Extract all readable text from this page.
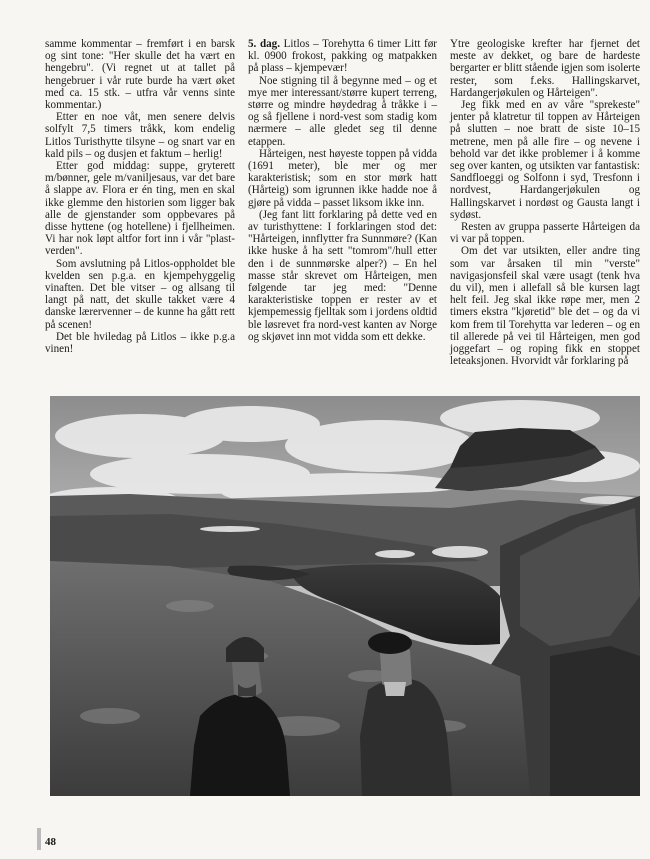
samme kommentar – fremført i en barsk og sint tone: "Her skulle det ha vært en hengebru". (Vi regnet ut at tallet på hengebruer i vår rute burde ha vært øket med ca. 15 stk. – utfra vår venns sinte kommentar.)

Etter en noe våt, men senere delvis solfylt 7,5 timers tråkk, kom endelig Litlos Turisthytte tilsyne – og snart var en kald pils – og dusjen et faktum – herlig!

Etter god middag: suppe, gryterett m/bønner, gele m/vaniljesaus, var det bare å slappe av. Flora er én ting, men en skal ikke glemme den historien som ligger bak alle de gjenstander som oppbevares på disse hyttene (og hotellene) i fjellheimen. Vi har nok løpt altfor fort inn i vår "plast-verden".

Som avslutning på Litlos-oppholdet ble kvelden sen p.g.a. en kjempehyggelig vinaften. Det ble vitser – og allsang til langt på natt, det skulle takket være 4 danske lærervenner – de kunne ha gått rett på scenen!

Det ble hviledag på Litlos – ikke p.g.a vinen!

5. dag. Litlos – Torehytta 6 timer Litt før kl. 0900 frokost, pakking og matpakken på plass – kjempevær!

Noe stigning til å begynne med – og et mye mer interessant/større kupert terreng, større og mindre høydedrag å tråkke i – og så fjellene i nord-vest som stadig kom nærmere – alle gledet seg til denne etappen.

Hårteigen, nest høyeste toppen på vidda (1691 meter), ble mer og mer karakteristisk; som en stor mørk hatt (Hårteig) som igrunnen ikke hadde noe å gjøre på vidda – passet liksom ikke inn.

(Jeg fant litt forklaring på dette ved en av turisthyttene: I forklaringen stod det: "Hårteigen, innflytter fra Sunnmøre? (Kan ikke huske å ha sett "tomrom"/hull etter den i de sunnmørske alper?) – En hel masse står skrevet om Hårteigen, men følgende tar jeg med: "Denne karakteristiske toppen er rester av et kjempemessig fjelltak som i jordens oldtid ble løsrevet fra nord-vest kanten av Norge og skjøvet inn mot vidda som ett dekke.

Ytre geologiske krefter har fjernet det meste av dekket, og bare de hardeste bergarter er blitt stående igjen som isolerte rester, som f.eks. Hallingskarvet, Hardangerjøkulen og Hårteigen".

Jeg fikk med en av våre "sprekeste" jenter på klatretur til toppen av Hårteigen på slutten – noe bratt de siste 10–15 metrene, men på alle fire – og nevene i behold var det ikke problemer i å komme seg over kanten, og utsikten var fantastisk: Sandfloeggi og Solfonn i syd, Tresfonn i nordvest, Hardangerjøkulen og Hallingskarvet i nordøst og Gausta langt i sydøst.

Resten av gruppa passerte Hårteigen da vi var på toppen.

Om det var utsikten, eller andre ting som var årsaken til min "verste" navigasjonsfeil skal være usagt (tenk hva du vil), men i allefall så ble kursen lagt helt feil. Jeg skal ikke røpe mer, men 2 timers ekstra "kjøretid" ble det – og da vi kom frem til Torehytta var lederen – og en til allerede på vei til Hårteigen, men god joggefart – og roping fikk en stoppet leteaksjonen. Hvorvidt vår forklaring på

48
